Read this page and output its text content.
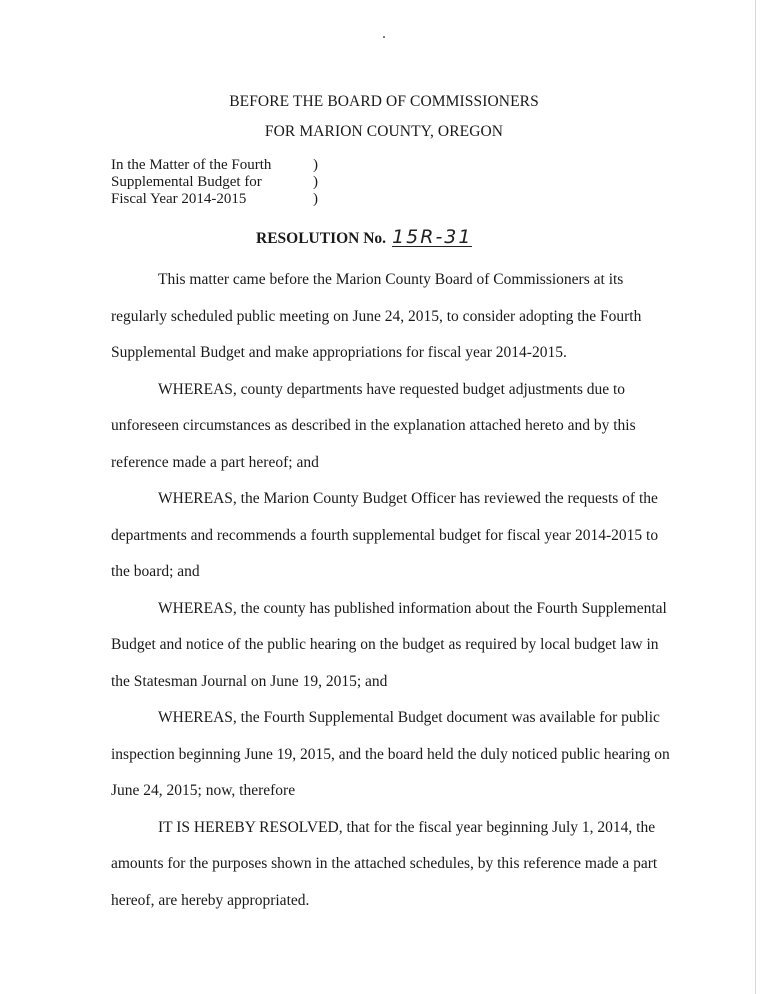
BEFORE THE BOARD OF COMMISSIONERS
FOR MARION COUNTY, OREGON
In the Matter of the Fourth
Supplemental Budget for
Fiscal Year 2014-2015
)
)
)
RESOLUTION No. 15R-31

This matter came before the Marion County Board of Commissioners at its regularly scheduled public meeting on June 24, 2015, to consider adopting the Fourth Supplemental Budget and make appropriations for fiscal year 2014-2015.

WHEREAS, county departments have requested budget adjustments due to unforeseen circumstances as described in the explanation attached hereto and by this reference made a part hereof; and

WHEREAS, the Marion County Budget Officer has reviewed the requests of the departments and recommends a fourth supplemental budget for fiscal year 2014-2015 to the board; and

WHEREAS, the county has published information about the Fourth Supplemental Budget and notice of the public hearing on the budget as required by local budget law in the Statesman Journal on June 19, 2015; and

WHEREAS, the Fourth Supplemental Budget document was available for public inspection beginning June 19, 2015, and the board held the duly noticed public hearing on June 24, 2015; now, therefore

IT IS HEREBY RESOLVED, that for the fiscal year beginning July 1, 2014, the amounts for the purposes shown in the attached schedules, by this reference made a part hereof, are hereby appropriated.
